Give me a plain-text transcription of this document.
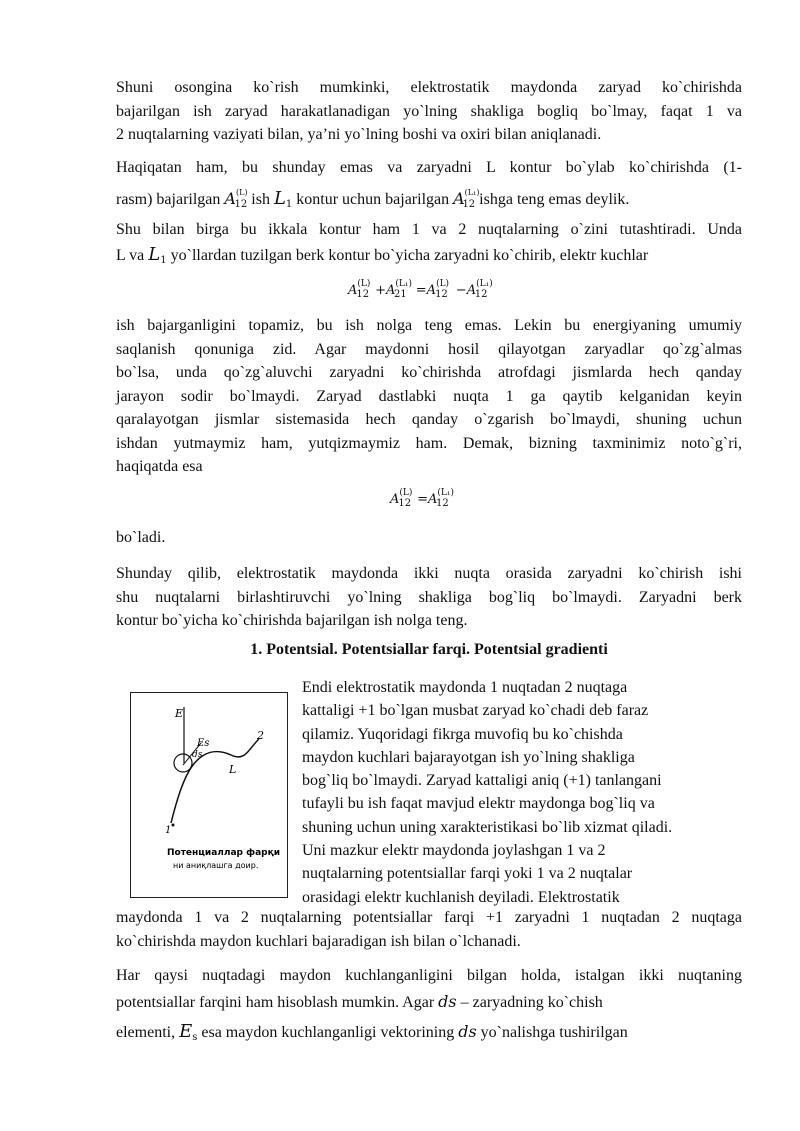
Shuni osongina ko`rish mumkinki, elektrostatik maydonda zaryad ko`chirishda
bajarilgan ish zaryad harakatlanadigan yo`lning shakliga bogliq bo`lmay, faqat 1 va
2 nuqtalarning vaziyati bilan, ya’ni yo`lning boshi va oxiri bilan aniqlanadi.

Haqiqatan ham, bu shunday emas va zaryadni L kontur bo`ylab ko`chirishda (1-
rasm) bajarilgan $A^{(L)}_{12}$ ish $L_1$ kontur uchun bajarilgan $A^{(L_1)}_{12}$ ishga teng emas deylik.
Shu bilan birga bu ikkala kontur ham 1 va 2 nuqtalarning o`zini tutashtiradi. Unda
L va $L_1$ yo`llardan tuzilgan berk kontur bo`yicha zaryadni ko`chirib, elektr kuchlar

$A^{(L)}_{12} +A^{(L_1)}_{21} =A^{(L)}_{12} -A^{(L_1)}_{12}$

ish bajarganligini topamiz, bu ish nolga teng emas. Lekin bu energiyaning umumiy
saqlanish qonuniga zid. Agar maydonni hosil qilayotgan zaryadlar qo`zg`almas
bo`lsa, unda qo`zg`aluvchi zaryadni ko`chirishda atrofdagi jismlarda hech qanday
jarayon sodir bo`lmaydi. Zaryad dastlabki nuqta 1 ga qaytib kelganidan keyin
qaralayotgan jismlar sistemasida hech qanday o`zgarish bo`lmaydi, shuning uchun
ishdan yutmaymiz ham, yutqizmaymiz ham. Demak, bizning taxminimiz noto`g`ri,
haqiqatda esa

$A^{(L)}_{12} =A^{(L_1)}_{12}$

bo`ladi.

Shunday qilib, elektrostatik maydonda ikki nuqta orasida zaryadni ko`chirish ishi
shu nuqtalarni birlashtiruvchi yo`lning shakliga bog`liq bo`lmaydi. Zaryadni berk
kontur bo`yicha ko`chirishda bajarilgan ish nolga teng.

1. Potentsial. Potentsiallar farqi. Potentsial gradienti
E
Es
2
L
ds
1
Потенциаллар фарқи
ни аниқлашга доир.

Endi elektrostatik maydonda 1 nuqtadan 2 nuqtaga
kattaligi +1 bo`lgan musbat zaryad ko`chadi deb faraz
qilamiz. Yuqoridagi fikrga muvofiq bu ko`chishda
maydon kuchlari bajarayotgan ish yo`lning shakliga
bog`liq bo`lmaydi. Zaryad kattaligi aniq (+1) tanlangani
tufayli bu ish faqat mavjud elektr maydonga bog`liq va
shuning uchun uning xarakteristikasi bo`lib xizmat qiladi.
Uni mazkur elektr maydonda joylashgan 1 va 2
nuqtalarning potentsiallar farqi yoki 1 va 2 nuqtalar
orasidagi elektr kuchlanish deyiladi. Elektrostatik

maydonda 1 va 2 nuqtalarning potentsiallar farqi +1 zaryadni 1 nuqtadan 2 nuqtaga
ko`chirishda maydon kuchlari bajaradigan ish bilan o`lchanadi.

Har qaysi nuqtadagi maydon kuchlanganligini bilgan holda, istalgan ikki nuqtaning
potentsiallar farqini ham hisoblash mumkin. Agar ds – zaryadning ko`chish
elementi, $E_s$ esa maydon kuchlanganligi vektorining ds yo`nalishga tushirilgan
